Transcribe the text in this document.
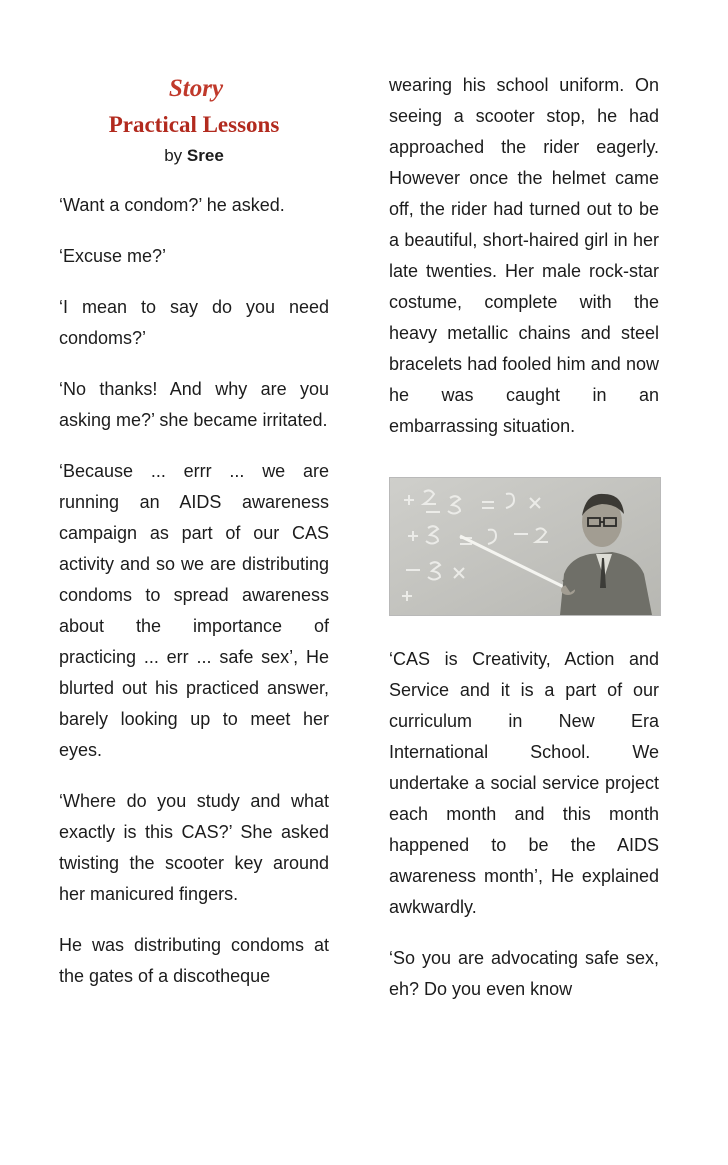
Story
Practical Lessons
by Sree

‘Want a condom?’ he asked.

‘Excuse me?’

‘I mean to say do you need condoms?’

‘No thanks! And why are you asking me?’ she became irritated.

‘Because ... errr ... we are running an AIDS awareness campaign as part of our CAS activity and so we are distributing condoms to spread awareness about the importance of practicing ... err ... safe sex’, He blurted out his practiced answer, barely looking up to meet her eyes.

‘Where do you study and what exactly is this CAS?’ She asked twisting the scooter key around her manicured fingers.

He was distributing condoms at the gates of a discotheque

wearing his school uniform. On seeing a scooter stop, he had approached the rider eagerly. However once the helmet came off, the rider had turned out to be a beautiful, short-haired girl in her late twenties. Her male rock-star costume, complete with the heavy metallic chains and steel bracelets had fooled him and now he was caught in an embarrassing situation.

‘CAS is Creativity, Action and Service and it is a part of our curriculum in New Era International School. We undertake a social service project each month and this month happened to be the AIDS awareness month’, He explained awkwardly.

‘So you are advocating safe sex, eh? Do you even know
